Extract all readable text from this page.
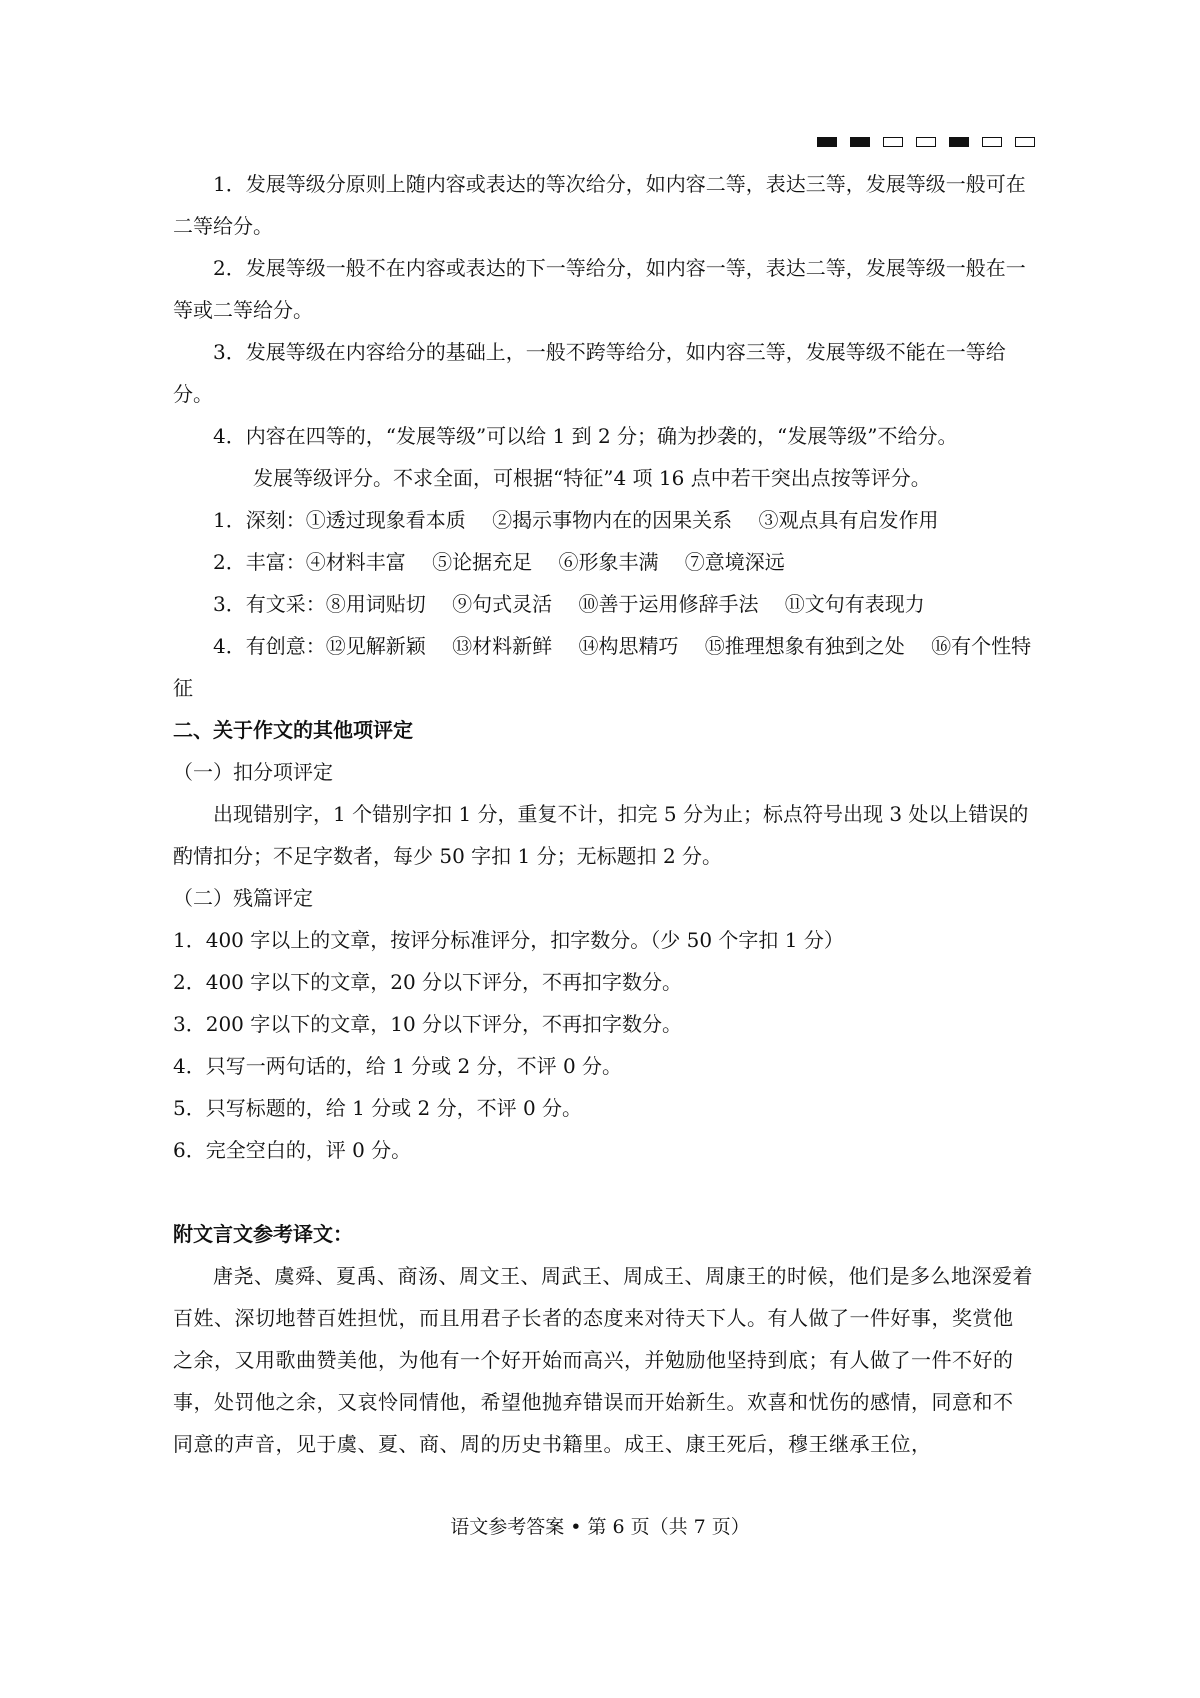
1．发展等级分原则上随内容或表达的等次给分，如内容二等，表达三等，发展等级一般可在二等给分。

2．发展等级一般不在内容或表达的下一等给分，如内容一等，表达二等，发展等级一般在一等或二等给分。

3．发展等级在内容给分的基础上，一般不跨等给分，如内容三等，发展等级不能在一等给分。

4．内容在四等的，“发展等级”可以给 1 到 2 分；确为抄袭的，“发展等级”不给分。

发展等级评分。不求全面，可根据“特征”4 项 16 点中若干突出点按等评分。

1．深刻：①透过现象看本质　 ②揭示事物内在的因果关系　 ③观点具有启发作用

2．丰富：④材料丰富　 ⑤论据充足　 ⑥形象丰满　 ⑦意境深远

3．有文采：⑧用词贴切　 ⑨句式灵活　 ⑩善于运用修辞手法　 ⑪文句有表现力

4．有创意：⑫见解新颖　 ⑬材料新鲜　 ⑭构思精巧　 ⑮推理想象有独到之处　 ⑯有个性特征

二、关于作文的其他项评定

（一）扣分项评定

出现错别字，1 个错别字扣 1 分，重复不计，扣完 5 分为止；标点符号出现 3 处以上错误的酌情扣分；不足字数者，每少 50 字扣 1 分；无标题扣 2 分。

（二）残篇评定

1．400 字以上的文章，按评分标准评分，扣字数分。（少 50 个字扣 1 分）

2．400 字以下的文章，20 分以下评分，不再扣字数分。

3．200 字以下的文章，10 分以下评分，不再扣字数分。

4．只写一两句话的，给 1 分或 2 分，不评 0 分。

5．只写标题的，给 1 分或 2 分，不评 0 分。

6．完全空白的，评 0 分。

附文言文参考译文：

唐尧、虞舜、夏禹、商汤、周文王、周武王、周成王、周康王的时候，他们是多么地深爱着百姓、深切地替百姓担忧，而且用君子长者的态度来对待天下人。有人做了一件好事，奖赏他之余，又用歌曲赞美他，为他有一个好开始而高兴，并勉励他坚持到底；有人做了一件不好的事，处罚他之余，又哀怜同情他，希望他抛弃错误而开始新生。欢喜和忧伤的感情，同意和不同意的声音，见于虞、夏、商、周的历史书籍里。成王、康王死后，穆王继承王位，

语文参考答案 • 第 6 页（共 7 页）
